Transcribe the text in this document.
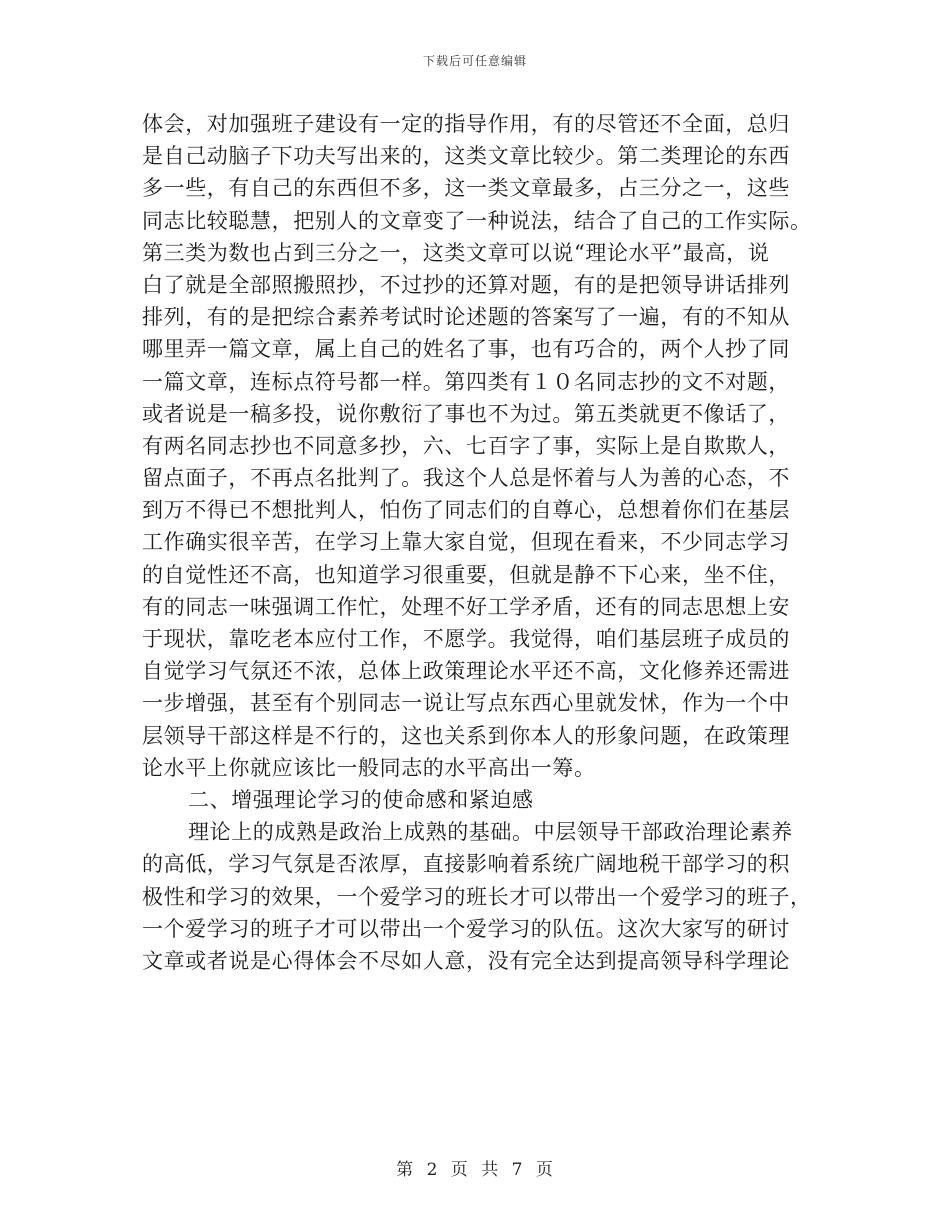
下载后可任意编辑
体会，对加强班子建设有一定的指导作用，有的尽管还不全面，总归
是自己动脑子下功夫写出来的，这类文章比较少。第二类理论的东西
多一些，有自己的东西但不多，这一类文章最多，占三分之一，这些
同志比较聪慧，把别人的文章变了一种说法，结合了自己的工作实际。
第三类为数也占到三分之一，这类文章可以说“理论水平”最高，说
白了就是全部照搬照抄，不过抄的还算对题，有的是把领导讲话排列
排列，有的是把综合素养考试时论述题的答案写了一遍，有的不知从
哪里弄一篇文章，属上自己的姓名了事，也有巧合的，两个人抄了同
一篇文章，连标点符号都一样。第四类有１０名同志抄的文不对题，
或者说是一稿多投，说你敷衍了事也不为过。第五类就更不像话了，
有两名同志抄也不同意多抄，六、七百字了事，实际上是自欺欺人，
留点面子，不再点名批判了。我这个人总是怀着与人为善的心态，不
到万不得已不想批判人，怕伤了同志们的自尊心，总想着你们在基层
工作确实很辛苦，在学习上靠大家自觉，但现在看来，不少同志学习
的自觉性还不高，也知道学习很重要，但就是静不下心来，坐不住，
有的同志一味强调工作忙，处理不好工学矛盾，还有的同志思想上安
于现状，靠吃老本应付工作，不愿学。我觉得，咱们基层班子成员的
自觉学习气氛还不浓，总体上政策理论水平还不高，文化修养还需进
一步增强，甚至有个别同志一说让写点东西心里就发怵，作为一个中
层领导干部这样是不行的，这也关系到你本人的形象问题，在政策理
论水平上你就应该比一般同志的水平高出一筹。
二、增强理论学习的使命感和紧迫感
理论上的成熟是政治上成熟的基础。中层领导干部政治理论素养
的高低，学习气氛是否浓厚，直接影响着系统广阔地税干部学习的积
极性和学习的效果，一个爱学习的班长才可以带出一个爱学习的班子，
一个爱学习的班子才可以带出一个爱学习的队伍。这次大家写的研讨
文章或者说是心得体会不尽如人意，没有完全达到提高领导科学理论
第 2 页 共 7 页
